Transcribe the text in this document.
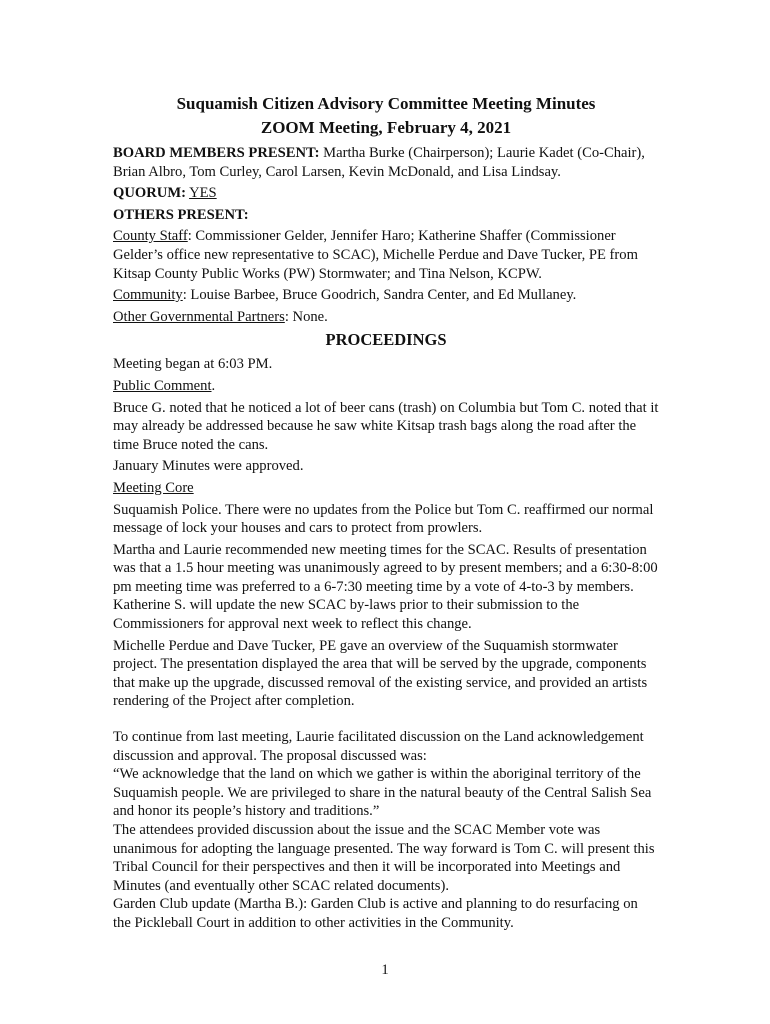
Suquamish Citizen Advisory Committee Meeting Minutes

ZOOM Meeting, February 4, 2021

BOARD MEMBERS PRESENT: Martha Burke (Chairperson); Laurie Kadet (Co-Chair), Brian Albro, Tom Curley, Carol Larsen, Kevin McDonald, and Lisa Lindsay.

QUORUM: YES

OTHERS PRESENT:

County Staff: Commissioner Gelder, Jennifer Haro; Katherine Shaffer (Commissioner Gelder’s office new representative to SCAC), Michelle Perdue and Dave Tucker, PE from Kitsap County Public Works (PW) Stormwater; and Tina Nelson, KCPW.

Community: Louise Barbee, Bruce Goodrich, Sandra Center, and Ed Mullaney.

Other Governmental Partners: None.

PROCEEDINGS

Meeting began at 6:03 PM.

Public Comment.

Bruce G. noted that he noticed a lot of beer cans (trash) on Columbia but Tom C. noted that it may already be addressed because he saw white Kitsap trash bags along the road after the time Bruce noted the cans.

January Minutes were approved.

Meeting Core

Suquamish Police. There were no updates from the Police but Tom C. reaffirmed our normal message of lock your houses and cars to protect from prowlers.

Martha and Laurie recommended new meeting times for the SCAC. Results of presentation was that a 1.5 hour meeting was unanimously agreed to by present members; and a 6:30-8:00 pm meeting time was preferred to a 6-7:30 meeting time by a vote of 4-to-3 by members. Katherine S. will update the new SCAC by-laws prior to their submission to the Commissioners for approval next week to reflect this change.

Michelle Perdue and Dave Tucker, PE gave an overview of the Suquamish stormwater project. The presentation displayed the area that will be served by the upgrade, components that make up the upgrade, discussed removal of the existing service, and provided an artists rendering of the Project after completion.

To continue from last meeting, Laurie facilitated discussion on the Land acknowledgement discussion and approval. The proposal discussed was:

“We acknowledge that the land on which we gather is within the aboriginal territory of the Suquamish people. We are privileged to share in the natural beauty of the Central Salish Sea and honor its people’s history and traditions.”

The attendees provided discussion about the issue and the SCAC Member vote was unanimous for adopting the language presented. The way forward is Tom C. will present this Tribal Council for their perspectives and then it will be incorporated into Meetings and Minutes (and eventually other SCAC related documents).

Garden Club update (Martha B.): Garden Club is active and planning to do resurfacing on the Pickleball Court in addition to other activities in the Community.

1
